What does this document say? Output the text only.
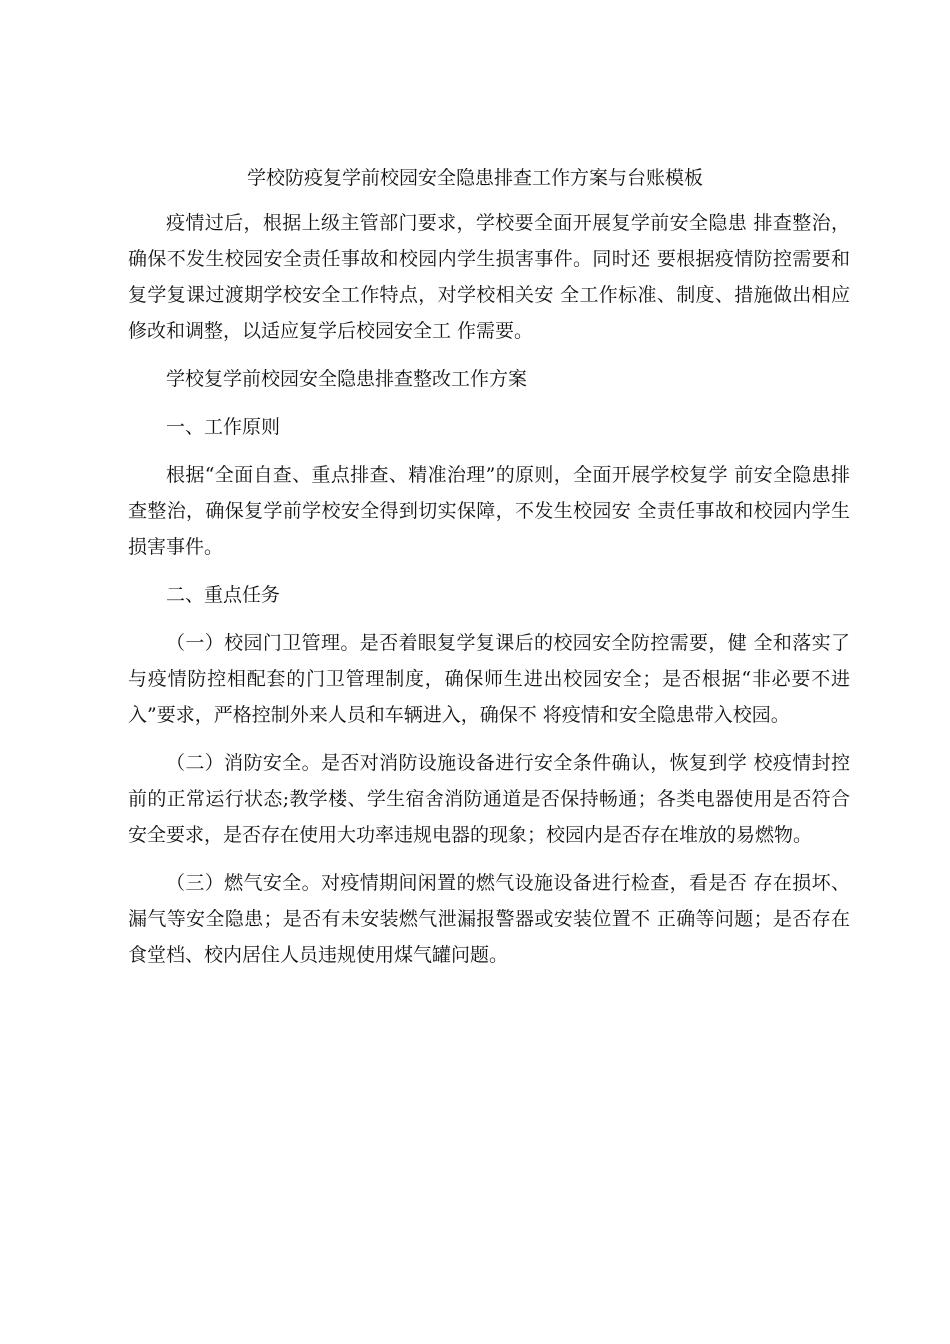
学校防疫复学前校园安全隐患排查工作方案与台账模板

疫情过后，根据上级主管部门要求，学校要全面开展复学前安全隐患 排查整治，确保不发生校园安全责任事故和校园内学生损害事件。同时还 要根据疫情防控需要和复学复课过渡期学校安全工作特点，对学校相关安 全工作标准、制度、措施做出相应修改和调整，以适应复学后校园安全工 作需要。

学校复学前校园安全隐患排查整改工作方案

一、工作原则

根据“全面自查、重点排查、精准治理”的原则，全面开展学校复学 前安全隐患排查整治，确保复学前学校安全得到切实保障，不发生校园安 全责任事故和校园内学生损害事件。

二、重点任务

（一）校园门卫管理。是否着眼复学复课后的校园安全防控需要，健 全和落实了与疫情防控相配套的门卫管理制度，确保师生进出校园安全；是否根据“非必要不进入”要求，严格控制外来人员和车辆进入，确保不 将疫情和安全隐患带入校园。

（二）消防安全。是否对消防设施设备进行安全条件确认，恢复到学 校疫情封控前的正常运行状态;教学楼、学生宿舍消防通道是否保持畅通；各类电器使用是否符合安全要求，是否存在使用大功率违规电器的现象；校园内是否存在堆放的易燃物。

（三）燃气安全。对疫情期间闲置的燃气设施设备进行检查，看是否 存在损坏、漏气等安全隐患；是否有未安装燃气泄漏报警器或安装位置不 正确等问题；是否存在食堂档、校内居住人员违规使用煤气罐问题。
